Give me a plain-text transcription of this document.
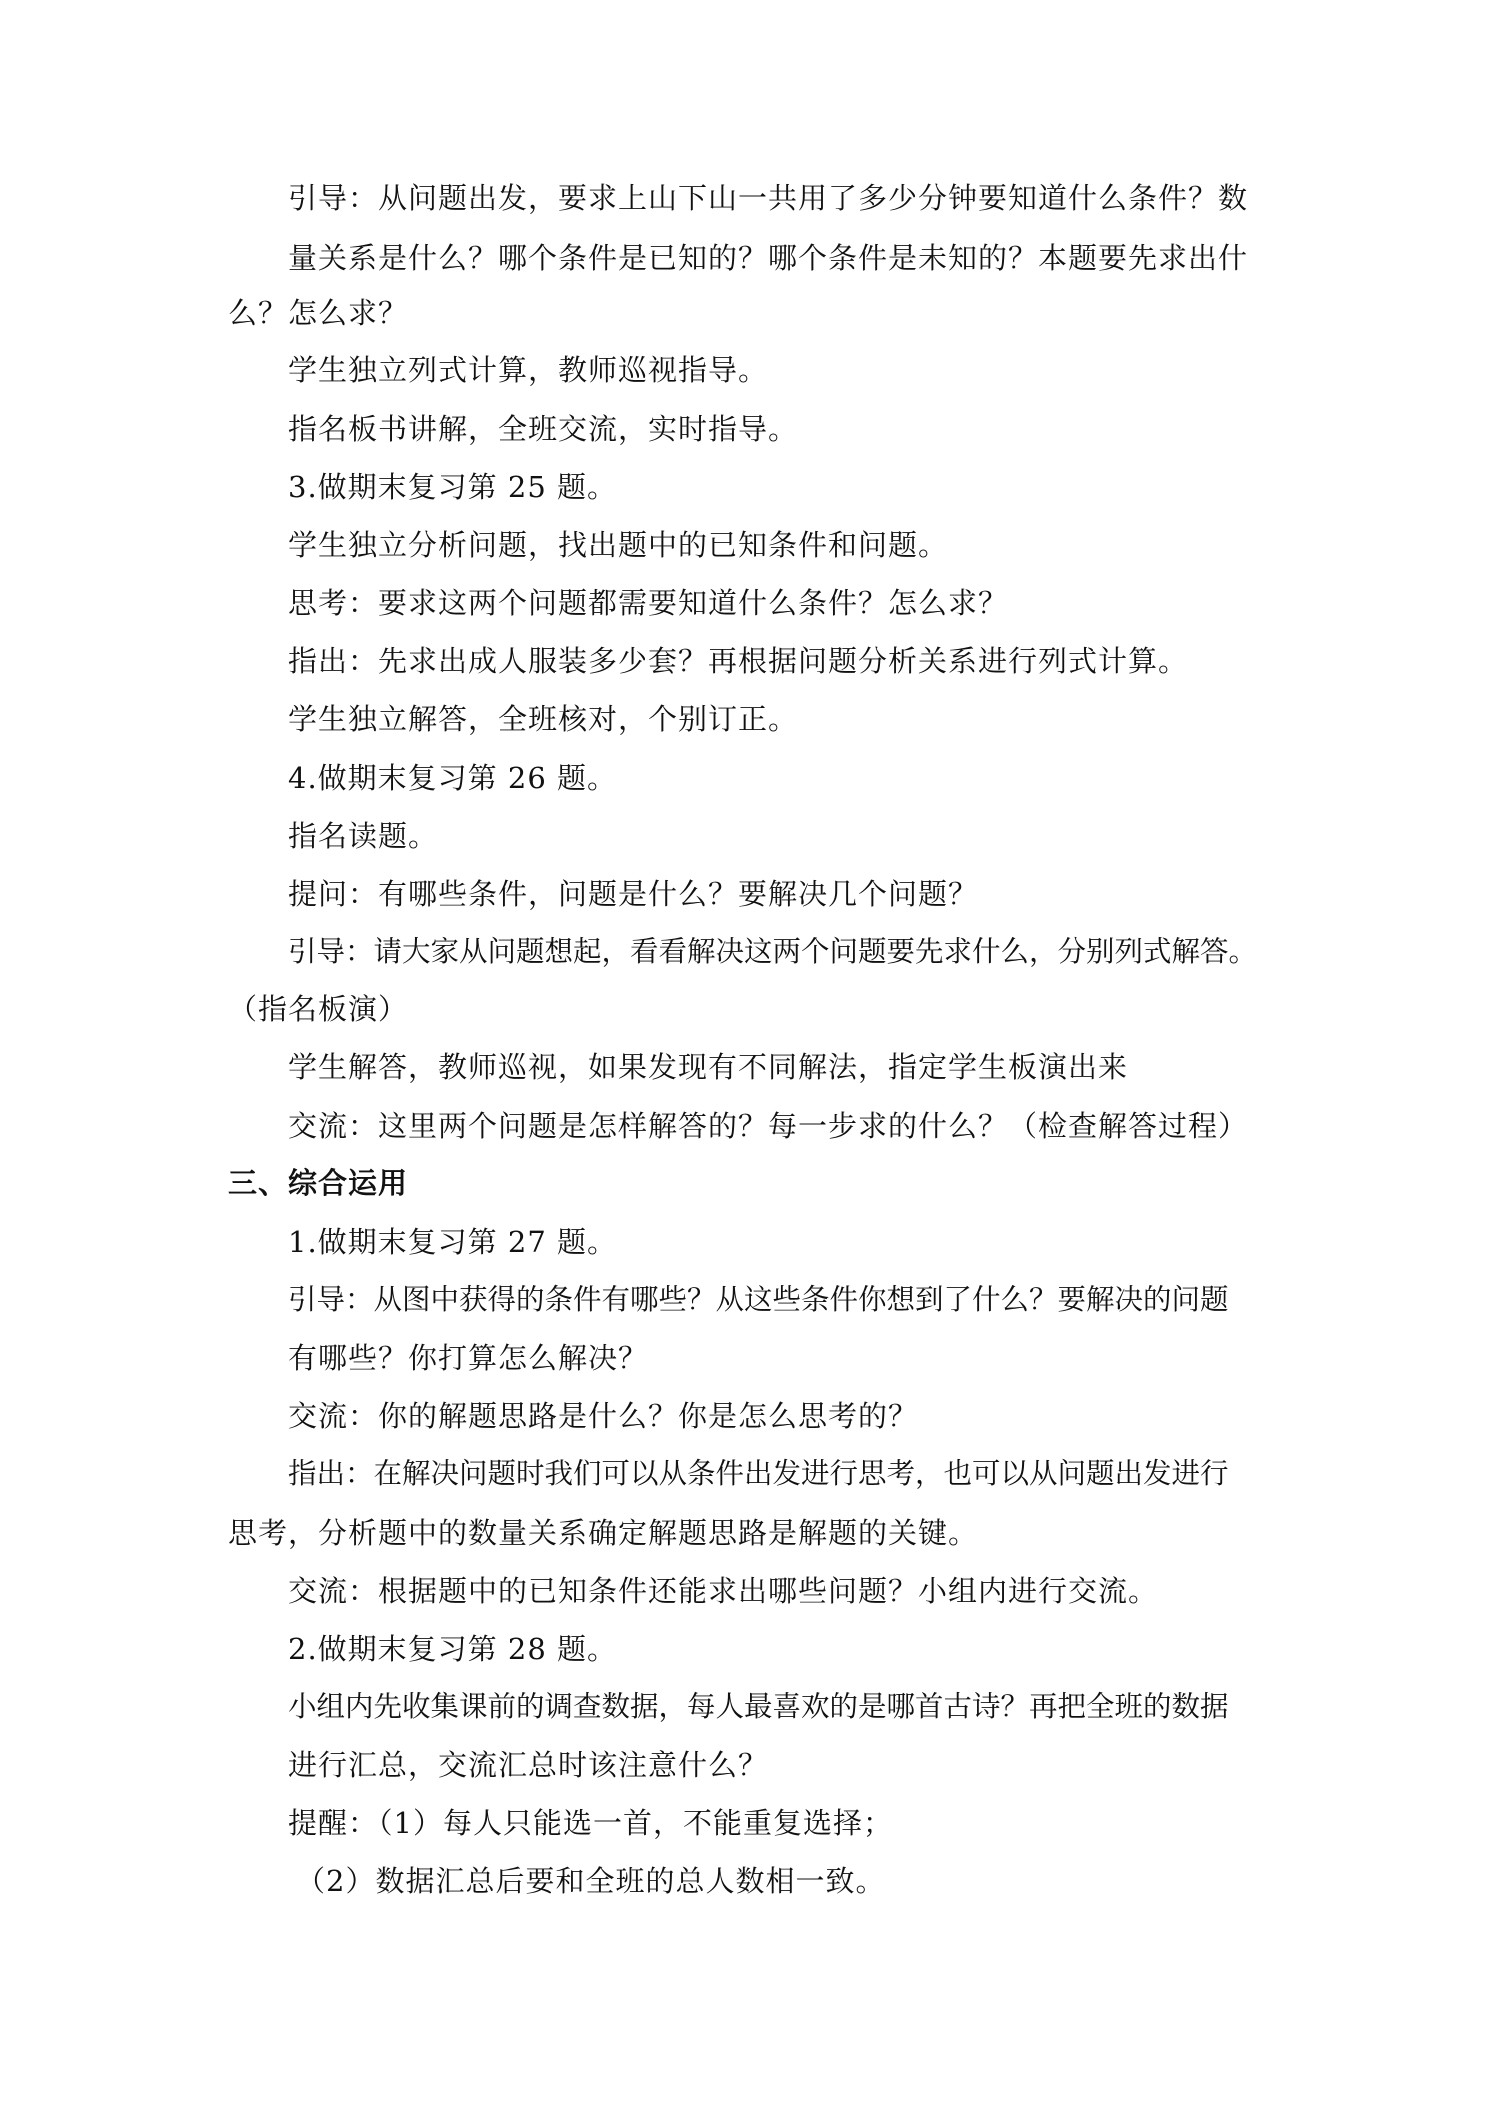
引导：从问题出发，要求上山下山一共用了多少分钟要知道什么条件？数
量关系是什么？哪个条件是已知的？哪个条件是未知的？本题要先求出什
么？怎么求？
学生独立列式计算，教师巡视指导。
指名板书讲解，全班交流，实时指导。
3.做期末复习第 25 题。
学生独立分析问题，找出题中的已知条件和问题。
思考：要求这两个问题都需要知道什么条件？怎么求？
指出：先求出成人服装多少套？再根据问题分析关系进行列式计算。
学生独立解答，全班核对，个别订正。
4.做期末复习第 26 题。
指名读题。
提问：有哪些条件，问题是什么？要解决几个问题？
引导：请大家从问题想起，看看解决这两个问题要先求什么，分别列式解答。
（指名板演）
学生解答，教师巡视，如果发现有不同解法，指定学生板演出来
交流：这里两个问题是怎样解答的？每一步求的什么？（检查解答过程）
三、综合运用
1.做期末复习第 27 题。
引导：从图中获得的条件有哪些？从这些条件你想到了什么？要解决的问题
有哪些？你打算怎么解决？
交流：你的解题思路是什么？你是怎么思考的？
指出：在解决问题时我们可以从条件出发进行思考，也可以从问题出发进行
思考，分析题中的数量关系确定解题思路是解题的关键。
交流：根据题中的已知条件还能求出哪些问题？小组内进行交流。
2.做期末复习第 28 题。
小组内先收集课前的调查数据，每人最喜欢的是哪首古诗？再把全班的数据
进行汇总，交流汇总时该注意什么？
提醒：（1）每人只能选一首，不能重复选择；
（2）数据汇总后要和全班的总人数相一致。
